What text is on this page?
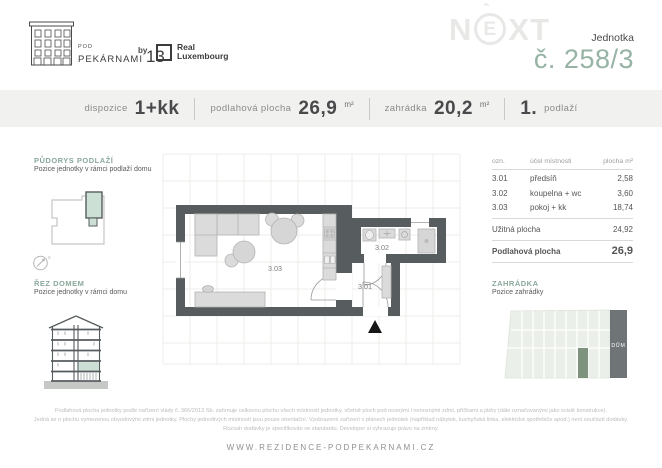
POD
PEKÁRNAMI 13
by	Real
Luxembourg
N
ˆ
E XT	Jednotka
č. 258/3
dispozice 1+kk	podlahová plocha 26,9 m²	zahrádka 20,2 m² 1. podlaží
PŮDORYS PODLAŽÍ
Pozice jednotky v rámci podlaží domu
s
ŘEZ DOMEM
Pozice jednotky v rámci domu
3.03
3.02
3.01
ozn.	účel místnosti	plocha m²
3.01	předsíň	2,58
3.02	koupelna + wc	3,60
3.03	pokoj + kk	18,74
Užitná plocha	24,92
Podlahová plocha	26,9
ZAHRÁDKA
Pozice zahrádky
DŮM
Podlahová plocha jednotky podle nařízení vlády č. 366/2013 Sb. zahrnuje celkovou plochu všech místností jednotky, včetně ploch pod nosnými i nenosnými zdmi, příčkami a jádry (dále označovanými jako svislé konstrukce).
Jedná se o plochu vymezenou obvodovými zdmi jednotky. Plochy jednotlivých místností jsou pouze orientační. Vyobrazené zařízení v plánech jednotek (například nábytek, kuchyňská linka, elektrické spotřebiče apod.) není součástí dodávky.
Rozsah dodávky je specifikován ve standardu. Developer si vyhrazuje právo na změny.
WWW.REZIDENCE-PODPEKARNAMI.CZ
